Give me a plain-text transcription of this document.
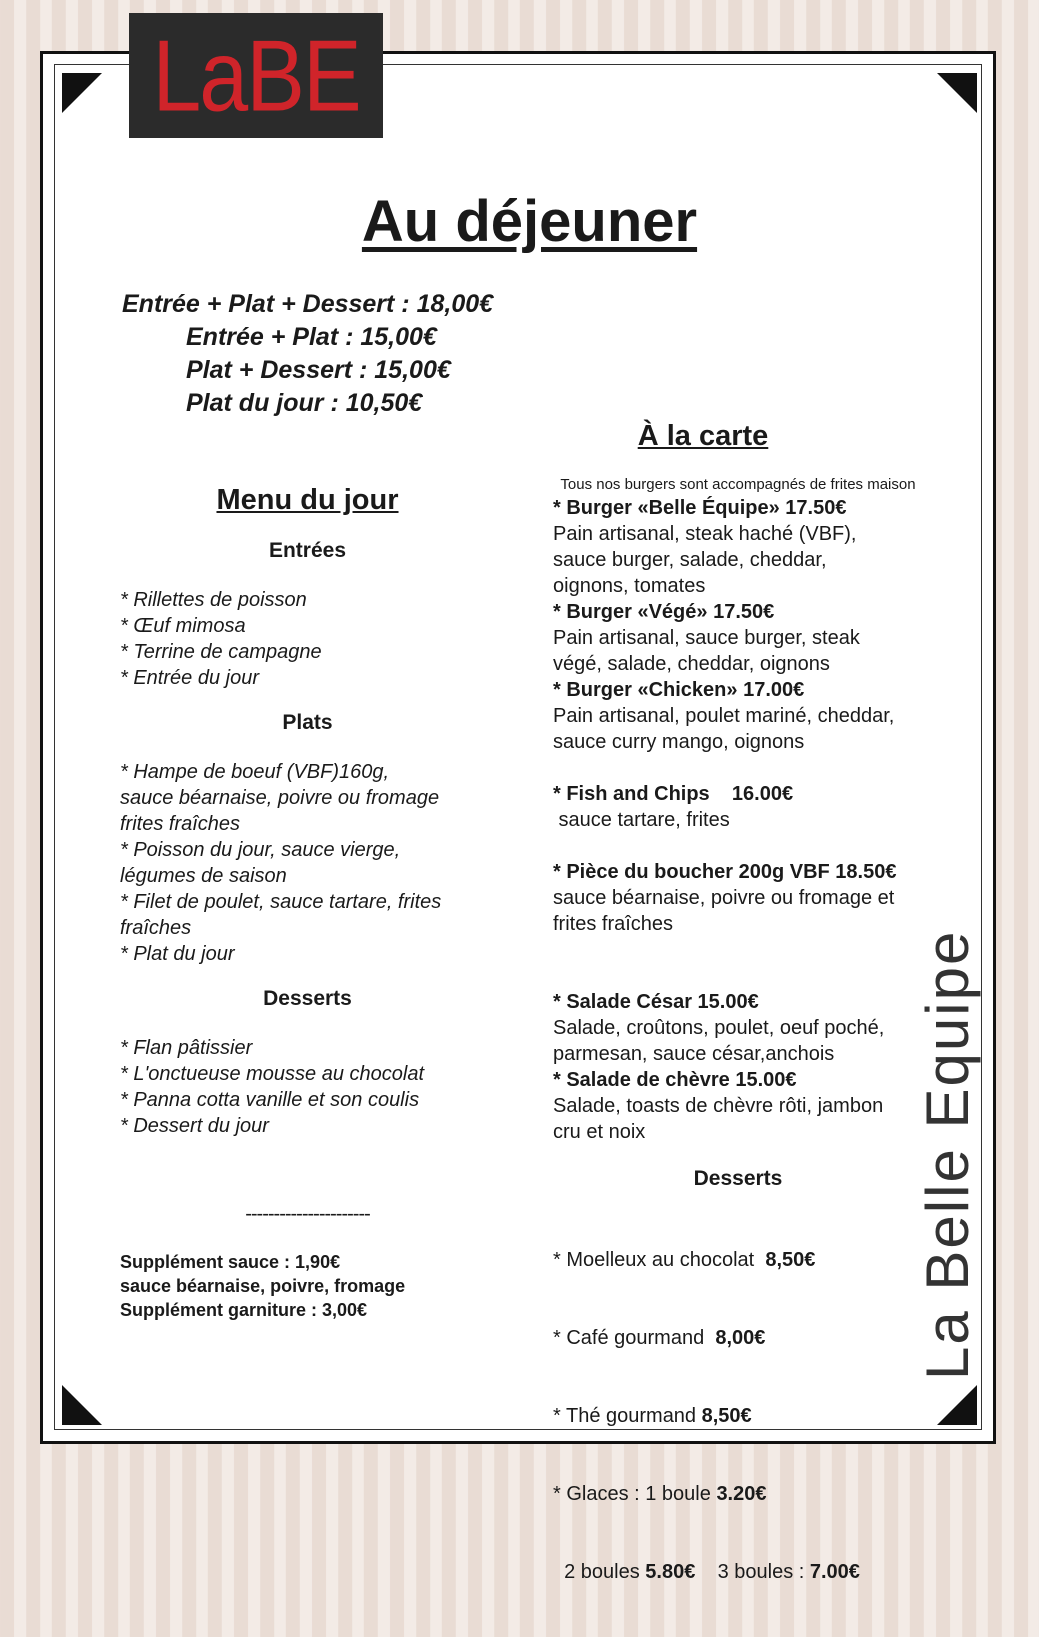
LaBE
Au déjeuner
Entrée + Plat + Dessert : 18,00€
Entrée + Plat : 15,00€
Plat + Dessert : 15,00€
Plat du jour : 10,50€
Menu du jour
Entrées
* Rillettes de poisson
* Œuf mimosa
* Terrine de campagne
* Entrée du jour
Plats
* Hampe de boeuf (VBF)160g,
sauce béarnaise, poivre ou fromage
frites fraîches
* Poisson du jour, sauce vierge,
légumes de saison
* Filet de poulet, sauce tartare, frites
fraîches
* Plat du jour
Desserts
* Flan pâtissier
* L'onctueuse mousse au chocolat
* Panna cotta vanille et son coulis
* Dessert du jour
----------------------
Supplément sauce : 1,90€
sauce béarnaise, poivre, fromage
Supplément garniture : 3,00€
À la carte
Tous nos burgers sont accompagnés de frites maison
* Burger «Belle Équipe» 17.50€
Pain artisanal, steak haché (VBF),
sauce burger, salade, cheddar,
oignons, tomates
* Burger «Végé» 17.50€
Pain artisanal, sauce burger, steak
végé, salade, cheddar, oignons
* Burger «Chicken» 17.00€
Pain artisanal, poulet mariné, cheddar,
sauce curry mango, oignons
* Fish and Chips    16.00€
sauce tartare, frites
* Pièce du boucher 200g VBF 18.50€
sauce béarnaise, poivre ou fromage et
frites fraîches
* Salade César 15.00€
Salade, croûtons, poulet, oeuf poché,
parmesan, sauce césar,anchois
* Salade de chèvre 15.00€
Salade, toasts de chèvre rôti, jambon
cru et noix
Desserts

* Moelleux au chocolat  8,50€

* Café gourmand  8,00€

* Thé gourmand 8,50€

* Glaces : 1 boule 3.20€

2 boules 5.80€    3 boules : 7.00€

La Belle Equipe
